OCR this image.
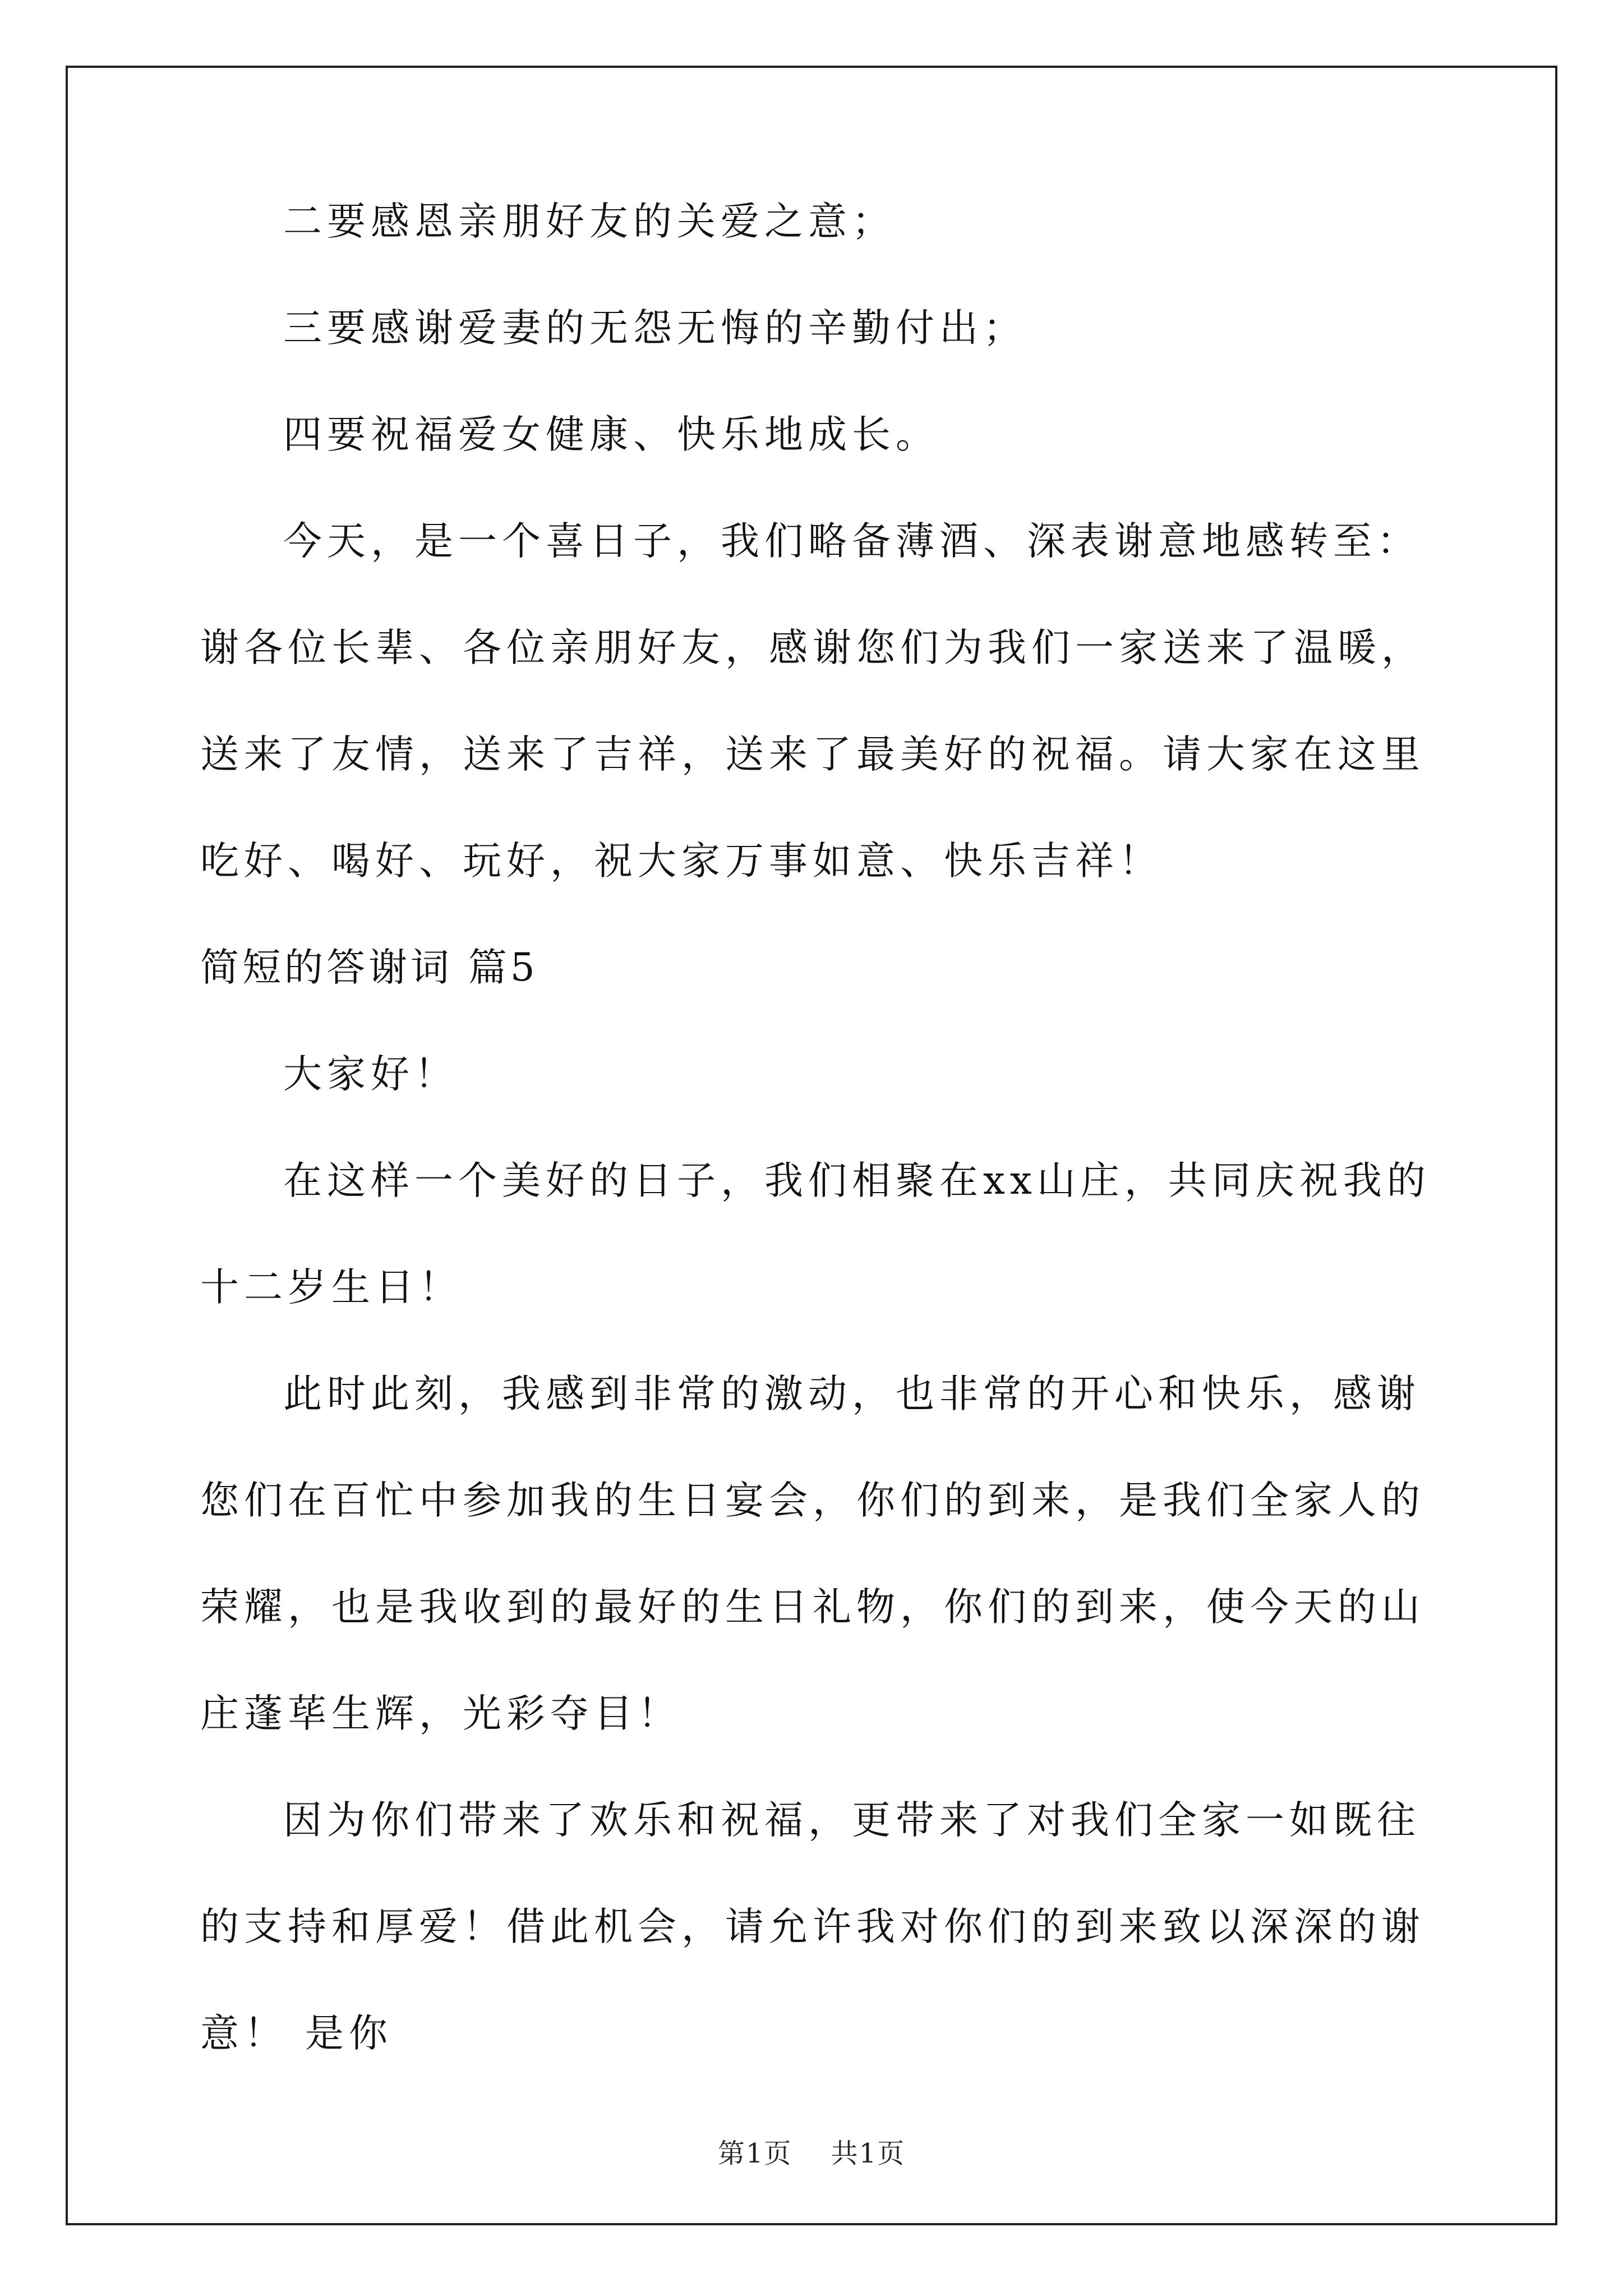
二要感恩亲朋好友的关爱之意；

三要感谢爱妻的无怨无悔的辛勤付出；

四要祝福爱女健康、快乐地成长。

今天，是一个喜日子，我们略备薄酒、深表谢意地感转至：谢各位长辈、各位亲朋好友，感谢您们为我们一家送来了温暖，送来了友情，送来了吉祥，送来了最美好的祝福。请大家在这里吃好、喝好、玩好，祝大家万事如意、快乐吉祥！

简短的答谢词 篇5

大家好！

在这样一个美好的日子，我们相聚在xx山庄，共同庆祝我的十二岁生日！

此时此刻，我感到非常的激动，也非常的开心和快乐，感谢您们在百忙中参加我的生日宴会，你们的到来，是我们全家人的荣耀，也是我收到的最好的生日礼物，你们的到来，使今天的山庄蓬荜生辉，光彩夺目！

因为你们带来了欢乐和祝福，更带来了对我们全家一如既往的支持和厚爱！借此机会，请允许我对你们的到来致以深深的谢意！ 是你

第1页 共1页
